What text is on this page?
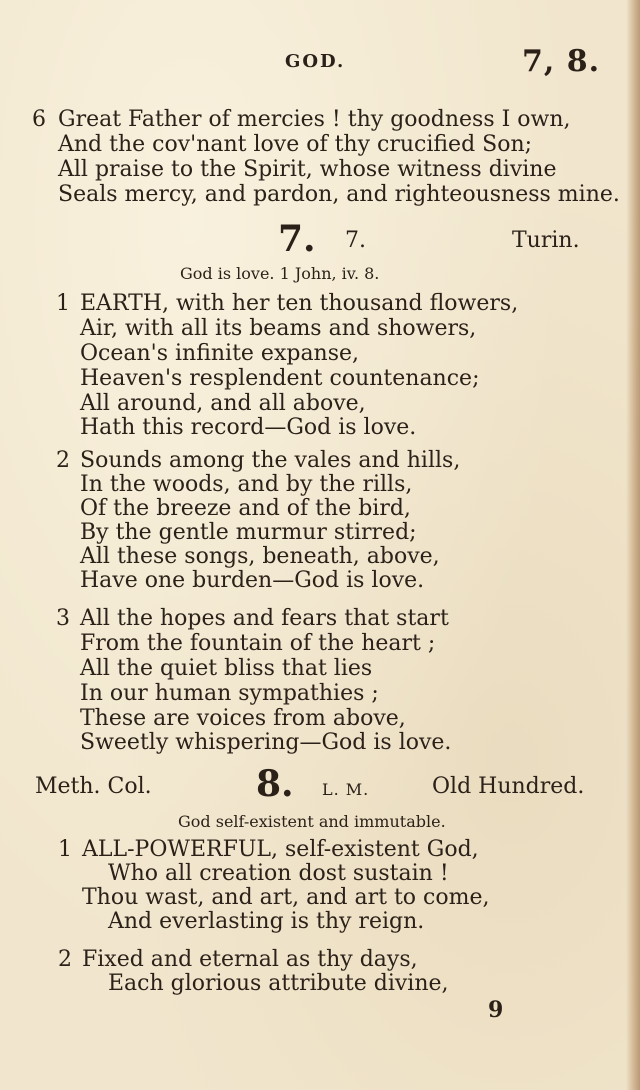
GOD.	7, 8.
6 Great Father of mercies ! thy goodness I own,
And the cov'nant love of thy crucified Son;
All praise to the Spirit, whose witness divine
Seals mercy, and pardon, and righteousness mine.
7. 7.	Turin.
God is love. 1 John, iv. 8.
1 EARTH, with her ten thousand flowers,
Air, with all its beams and showers,
Ocean's infinite expanse,
Heaven's resplendent countenance;
All around, and all above,
Hath this record—God is love.
2 Sounds among the vales and hills,
In the woods, and by the rills,
Of the breeze and of the bird,
By the gentle murmur stirred;
All these songs, beneath, above,
Have one burden—God is love.
3 All the hopes and fears that start
From the fountain of the heart ;
All the quiet bliss that lies
In our human sympathies ;
These are voices from above,
Sweetly whispering—God is love.
Meth. Col.	8. L. M.	Old Hundred.
God self-existent and immutable.
1 ALL-POWERFUL, self-existent God,
Who all creation dost sustain !
Thou wast, and art, and art to come,
And everlasting is thy reign.
2 Fixed and eternal as thy days,
Each glorious attribute divine,
9
